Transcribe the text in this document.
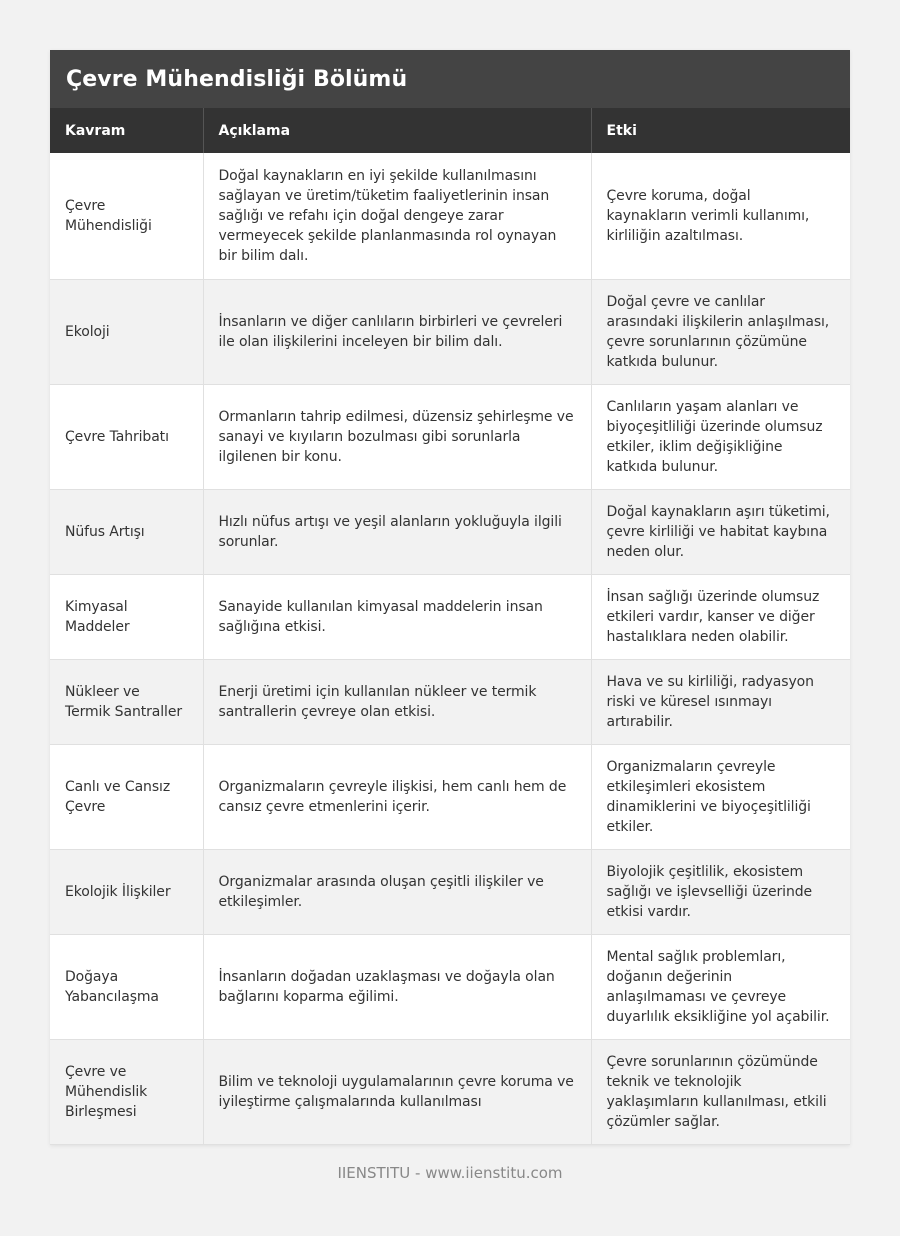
Çevre Mühendisliği Bölümü
Kavram	Açıklama	Etki
Çevre Mühendisliği	Doğal kaynakların en iyi şekilde kullanılmasını sağlayan ve üretim/tüketim faaliyetlerinin insan sağlığı ve refahı için doğal dengeye zarar vermeyecek şekilde planlanmasında rol oynayan bir bilim dalı.	Çevre koruma, doğal kaynakların verimli kullanımı, kirliliğin azaltılması.
Ekoloji	İnsanların ve diğer canlıların birbirleri ve çevreleri ile olan ilişkilerini inceleyen bir bilim dalı.	Doğal çevre ve canlılar arasındaki ilişkilerin anlaşılması, çevre sorunlarının çözümüne katkıda bulunur.
Çevre Tahribatı	Ormanların tahrip edilmesi, düzensiz şehirleşme ve sanayi ve kıyıların bozulması gibi sorunlarla ilgilenen bir konu.	Canlıların yaşam alanları ve biyoçeşitliliği üzerinde olumsuz etkiler, iklim değişikliğine katkıda bulunur.
Nüfus Artışı	Hızlı nüfus artışı ve yeşil alanların yokluğuyla ilgili sorunlar.	Doğal kaynakların aşırı tüketimi, çevre kirliliği ve habitat kaybına neden olur.
Kimyasal Maddeler	Sanayide kullanılan kimyasal maddelerin insan sağlığına etkisi.	İnsan sağlığı üzerinde olumsuz etkileri vardır, kanser ve diğer hastalıklara neden olabilir.
Nükleer ve Termik Santraller	Enerji üretimi için kullanılan nükleer ve termik santrallerin çevreye olan etkisi.	Hava ve su kirliliği, radyasyon riski ve küresel ısınmayı artırabilir.
Canlı ve Cansız Çevre	Organizmaların çevreyle ilişkisi, hem canlı hem de cansız çevre etmenlerini içerir.	Organizmaların çevreyle etkileşimleri ekosistem dinamiklerini ve biyoçeşitliliği etkiler.
Ekolojik İlişkiler	Organizmalar arasında oluşan çeşitli ilişkiler ve etkileşimler.	Biyolojik çeşitlilik, ekosistem sağlığı ve işlevselliği üzerinde etkisi vardır.
Doğaya Yabancılaşma	İnsanların doğadan uzaklaşması ve doğayla olan bağlarını koparma eğilimi.	Mental sağlık problemları, doğanın değerinin anlaşılmaması ve çevreye duyarlılık eksikliğine yol açabilir.
Çevre ve Mühendislik Birleşmesi	Bilim ve teknoloji uygulamalarının çevre koruma ve iyileştirme çalışmalarında kullanılması	Çevre sorunlarının çözümünde teknik ve teknolojik yaklaşımların kullanılması, etkili çözümler sağlar.
IIENSTITU - www.iienstitu.com
